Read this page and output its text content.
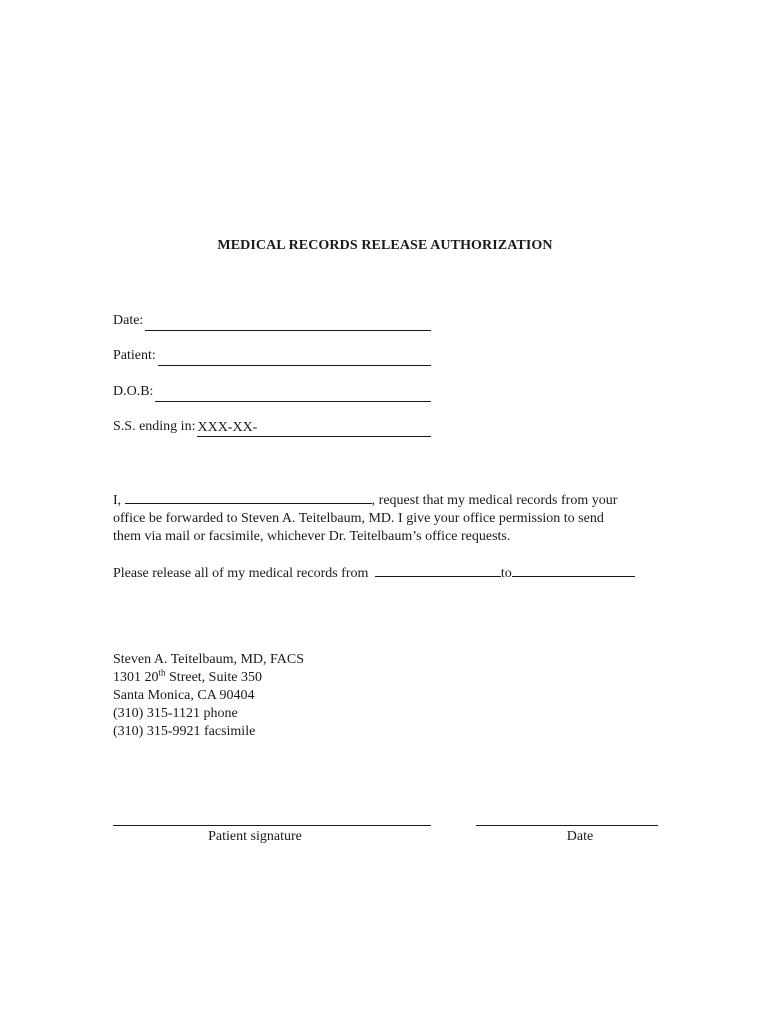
MEDICAL RECORDS RELEASE AUTHORIZATION
Date:
Patient:
D.O.B:
S.S. ending in: XXX-XX-
I,	, request that my medical records from your
office be forwarded to Steven A. Teitelbaum, MD. I give your office permission to send
them via mail or facsimile, whichever Dr. Teitelbaum’s office requests.
Please release all of my medical records from	to
Steven A. Teitelbaum, MD, FACS
1301 20th Street, Suite 350
Santa Monica, CA 90404
(310) 315-1121 phone
(310) 315-9921 facsimile
Patient signature	Date
